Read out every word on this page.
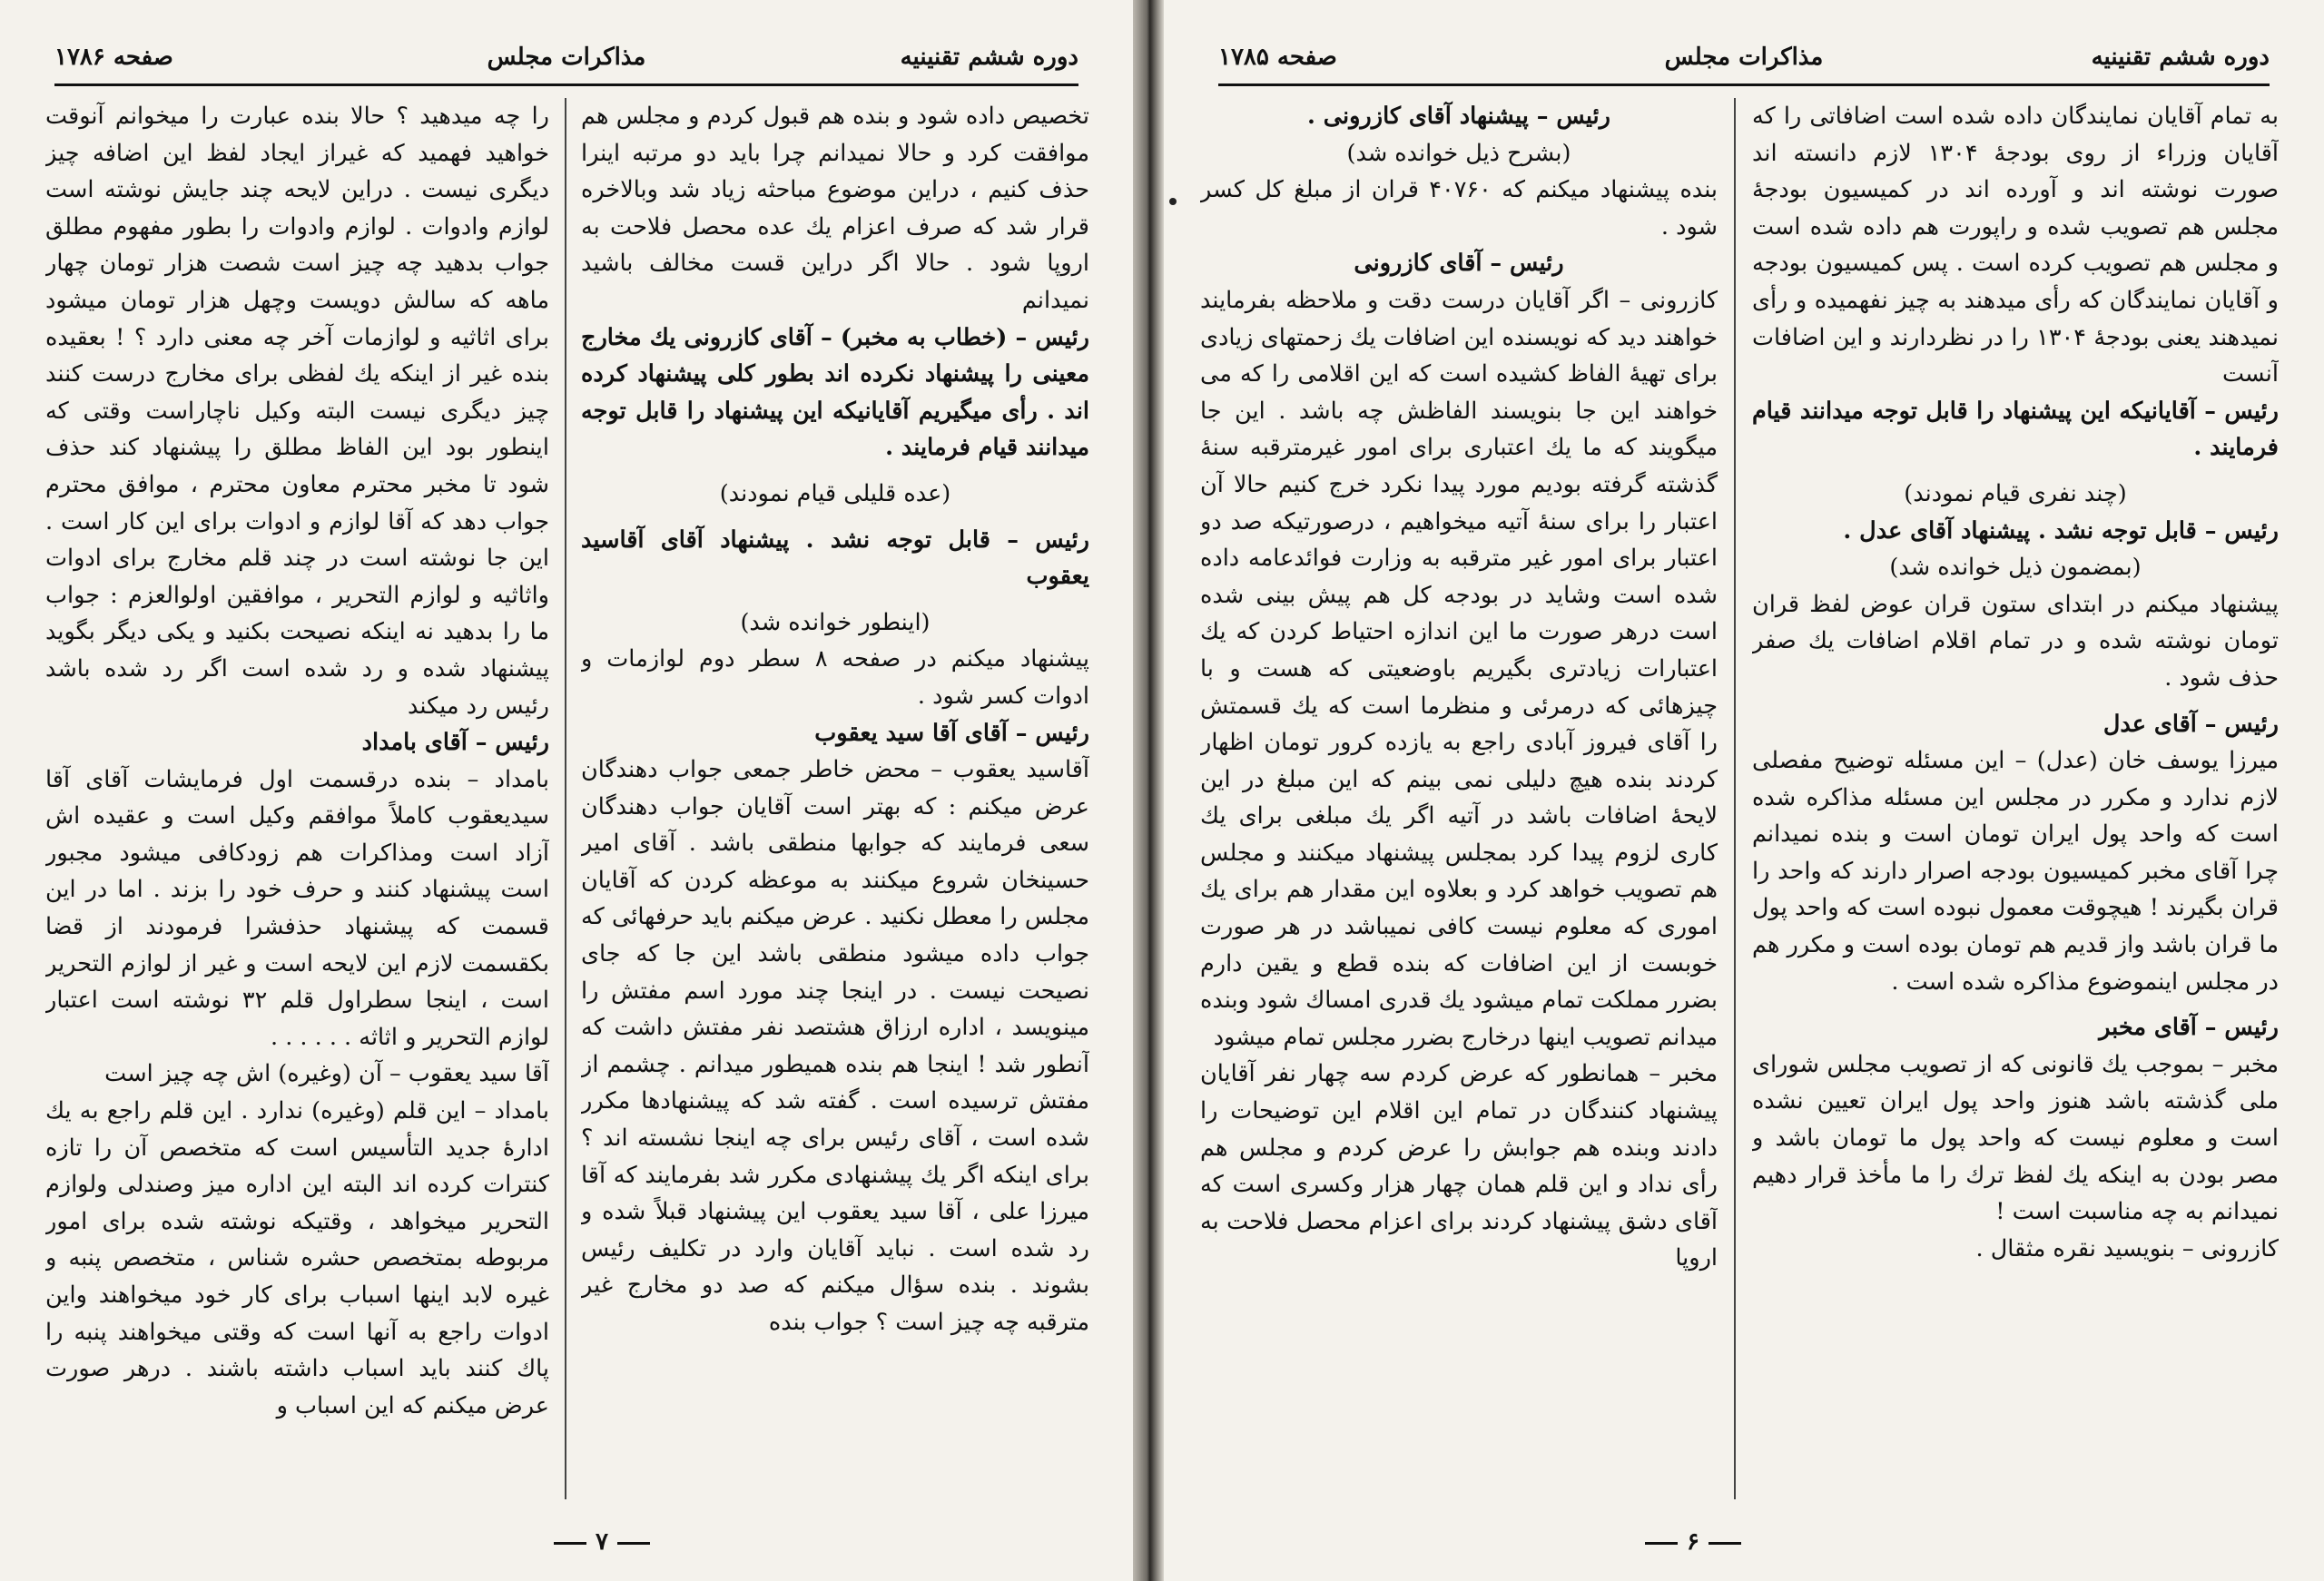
دوره ششم تقنينيه
مذاکرات مجلس
صفحه ۱۷۸۶

تخصيص داده شود و بنده هم قبول کردم و مجلس هم موافقت کرد و حالا نميدانم چرا بايد دو مرتبه اينرا حذف کنيم ، دراين موضوع مباحثه زياد شد وبالاخره قرار شد که صرف اعزام يك عده محصل فلاحت به اروپا شود . حالا اگر دراين قست مخالف باشيد نميدانم

رئيس – (خطاب به مخبر) – آقاى کازرونى يك مخارج معينى را پيشنهاد نکرده اند بطور کلى پيشنهاد کرده اند . رأى ميگيريم آقايانيکه اين پيشنهاد را قابل توجه ميدانند قيام فرمايند .

(عده قليلى قيام نمودند)

رئيس – قابل توجه نشد . پيشنهاد آقاى آقاسيد يعقوب

(اينطور خوانده شد)

پيشنهاد ميکنم در صفحه ۸ سطر دوم لوازمات و ادوات کسر شود .

رئيس – آقاى آقا سيد يعقوب

آقاسيد يعقوب – محض خاطر جمعى جواب دهندگان عرض ميکنم : که بهتر است آقايان جواب دهندگان سعى فرمايند که جوابها منطقى باشد . آقاى امير حسينخان شروع ميکنند به موعظه کردن که آقايان مجلس را معطل نکنيد . عرض ميکنم بايد حرفهائى که جواب داده ميشود منطقى باشد اين جا که جاى نصيحت نيست . در اينجا چند مورد اسم مفتش را مينويسد ، اداره ارزاق هشتصد نفر مفتش داشت که آنطور شد ! اينجا هم بنده هميطور ميدانم . چشمم از مفتش ترسيده است . گفته شد که پيشنهادها مکرر شده است ، آقاى رئيس براى چه اينجا نشسته اند ؟ براى اينکه اگر يك پيشنهادى مکرر شد بفرمايند که آقا ميرزا على ، آقا سيد يعقوب اين پيشنهاد قبلاً شده و رد شده است . نبايد آقايان وارد در تکليف رئيس بشوند . بنده سؤال ميکنم که صد دو مخارج غير مترقبه چه چيز است ؟ جواب بنده

را چه ميدهيد ؟ حالا بنده عبارت را ميخوانم آنوقت خواهيد فهميد که غيراز ايجاد لفظ اين اضافه چيز ديگرى نيست . دراين لايحه چند جايش نوشته است لوازم وادوات . لوازم وادوات را بطور مفهوم مطلق جواب بدهيد چه چيز است شصت هزار تومان چهار ماهه که سالش دويست وچهل هزار تومان ميشود براى اثاثيه و لوازمات آخر چه معنى دارد ؟ ! بعقيده بنده غير از اينکه يك لفظى براى مخارج درست کنند چيز ديگرى نيست البته وکيل ناچاراست وقتى که اينطور بود اين الفاظ مطلق را پيشنهاد کند حذف شود تا مخبر محترم معاون محترم ، موافق محترم جواب دهد که آقا لوازم و ادوات براى اين کار است . اين جا نوشته است در چند قلم مخارج براى ادوات واثاثيه و لوازم التحرير ، موافقين اولوالعزم : جواب ما را بدهيد نه اينکه نصيحت بکنيد و يکى ديگر بگويد پيشنهاد شده و رد شده است اگر رد شده باشد رئيس رد ميکند

رئيس – آقاى بامداد

بامداد – بنده درقسمت اول فرمايشات آقاى آقا سيديعقوب کاملاً موافقم وکيل است و عقيده اش آزاد است ومذاکرات هم زودکافى ميشود مجبور است پيشنهاد کنند و حرف خود را بزند . اما در اين قسمت که پيشنهاد حذفشرا فرمودند از قضا بکقسمت لازم اين لايحه است و غير از لوازم التحرير است ، اينجا سطراول قلم ۳۲ نوشته است اعتبار لوازم التحرير و اثاثه . . . . . .

آقا سيد يعقوب – آن (وغيره) اش چه چيز است

بامداد – اين قلم (وغيره) ندارد . اين قلم راجع به يك ادارهٔ جديد التأسيس است که متخصص آن را تازه کنترات کرده اند البته اين اداره ميز وصندلى ولوازم التحرير ميخواهد ، وقتيکه نوشته شده براى امور مربوطه بمتخصص حشره شناس ، متخصص پنبه و غيره لابد اينها اسباب براى کار خود ميخواهند واين ادوات راجع به آنها است که وقتى ميخواهند پنبه را پاك کنند بايد اسباب داشته باشند . درهر صورت عرض ميکنم که اين اسباب و

۷
دوره ششم تقنينيه
مذاکرات مجلس
صفحه ۱۷۸۵

به تمام آقايان نمايندگان داده شده است اضافاتى را که آقايان وزراء از روى بودجهٔ ۱۳۰۴ لازم دانسته اند صورت نوشته اند و آورده اند در کميسيون بودجهٔ مجلس هم تصويب شده و راپورت هم داده شده است و مجلس هم تصويب کرده است . پس کميسيون بودجه و آقايان نمايندگان که رأى ميدهند به چيز نفهميده و رأى نميدهند يعنى بودجهٔ ۱۳۰۴ را در نظردارند و اين اضافات آنست

رئيس – آقايانيکه اين پيشنهاد را قابل توجه ميدانند قيام فرمايند .

(چند نفرى قيام نمودند)

رئيس – قابل توجه نشد . پيشنهاد آقاى عدل .

(بمضمون ذيل خوانده شد)

پيشنهاد ميکنم در ابتداى ستون قران عوض لفظ قران تومان نوشته شده و در تمام اقلام اضافات يك صفر حذف شود .

رئيس – آقاى عدل

ميرزا يوسف خان (عدل) – اين مسئله توضيح مفصلى لازم ندارد و مکرر در مجلس اين مسئله مذاکره شده است که واحد پول ايران تومان است و بنده نميدانم چرا آقاى مخبر کميسيون بودجه اصرار دارند که واحد را قران بگيرند ! هيچوقت معمول نبوده است که واحد پول ما قران باشد واز قديم هم تومان بوده است و مکرر هم در مجلس اينموضوع مذاکره شده است .

رئيس – آقاى مخبر

مخبر – بموجب يك قانونى که از تصويب مجلس شوراى ملى گذشته باشد هنوز واحد پول ايران تعيين نشده است و معلوم نيست که واحد پول ما تومان باشد و مصر بودن به اينکه يك لفظ ترك را ما مأخذ قرار دهيم نميدانم به چه مناسبت است !

کازرونى – بنويسيد نقره مثقال .

رئيس – پيشنهاد آقاى کازرونى .

(بشرح ذيل خوانده شد)

بنده پيشنهاد ميکنم که ۴۰۷۶۰ قران از مبلغ کل کسر شود .

رئيس – آقاى کازرونى

کازرونى – اگر آقايان درست دقت و ملاحظه بفرمايند خواهند ديد که نويسنده اين اضافات يك زحمتهاى زيادى براى تهيهٔ الفاظ کشيده است که اين اقلامى را که مى خواهند اين جا بنويسند الفاظش چه باشد . اين جا ميگويند که ما يك اعتبارى براى امور غيرمترقبه سنهٔ گذشته گرفته بوديم مورد پيدا نکرد خرج کنيم حالا آن اعتبار را براى سنهٔ آتيه ميخواهيم ، درصورتيکه صد دو اعتبار براى امور غير مترقبه به وزارت فوائدعامه داده شده است وشايد در بودجه کل هم پيش بينى شده است درهر صورت ما اين اندازه احتياط کردن که يك اعتبارات زيادترى بگيريم باوضعيتى که هست و با چيزهائى که درمرئى و منظرما است که يك قسمتش را آقاى فيروز آبادى راجع به يازده کرور تومان اظهار کردند بنده هيچ دليلى نمى بينم که اين مبلغ در اين لايحهٔ اضافات باشد در آتيه اگر يك مبلغى براى يك کارى لزوم پيدا کرد بمجلس پيشنهاد ميکنند و مجلس هم تصويب خواهد کرد و بعلاوه اين مقدار هم براى يك امورى که معلوم نيست کافى نميباشد در هر صورت خوبست از اين اضافات که بنده قطع و يقين دارم بضرر مملکت تمام ميشود يك قدرى امساك شود وبنده ميدانم تصويب اينها درخارج بضرر مجلس تمام ميشود

مخبر – همانطور که عرض کردم سه چهار نفر آقايان پيشنهاد کنندگان در تمام اين اقلام اين توضيحات را دادند وبنده هم جوابش را عرض کردم و مجلس هم رأى نداد و اين قلم همان چهار هزار وکسرى است که آقاى دشق پيشنهاد کردند براى اعزام محصل فلاحت به اروپا

۶
